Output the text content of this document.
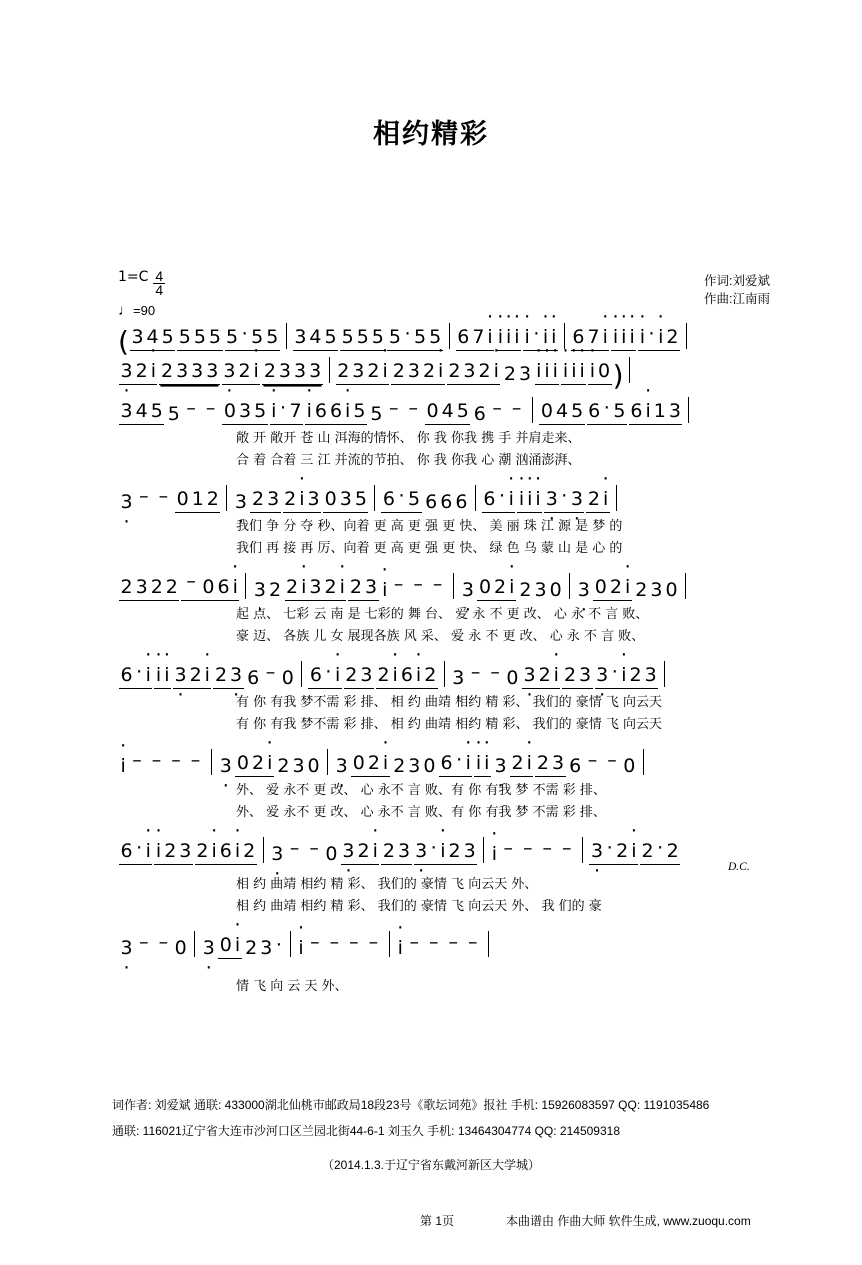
相约精彩
作词:刘爱斌
作曲:江南雨
$1=C \frac{4}{4}$
♩=90
( 3 4 5 5 5 5 5 · 5 5 3 4 5 5 5 5 5 · 5 5 6 7 · i · i · i · i · i · · i · i 6 7 · i · i · i · i · i · · i 2
3 · 2 · i 2 3 3 3 3 · 2 · i 2 3 3 3 2 3 2 · i 2 3 2 · i 2 3 2 · i 2 3 · i · i · i · i · i · i · i 0 )
3 4 5 5 – – 0 3 5 · i · 7 · i 6 6 · i 5 5 – – 0 4 5 6 – – 0 4 5 6 · 5 6 · i 1 3
敞 开 敞开 苍 山 洱海的情怀、 你 我 你我 携 手 并肩走来、
合 着 合着 三 江 并流的节拍、 你 我 你我 心 潮 汹涌澎湃、
3 · – – 0 1 2 3 · 2 3 2 · i 3 0 3 5 6 · 5 6 6 6 6 · · i · i · i · i 3 · · 3 · 2 · i
我们 争 分 夺 秒、向着 更 高 更 强 更 快、 美 丽 珠 江 源 是 梦 的
我们 再 接 再 厉、向着 更 高 更 强 更 快、 绿 色 乌 蒙 山 是 心 的
2 3 2 2 – 0 6 · i 3 · 2 2 · i 3 2 · i 2 3 · i – – – 3 · 0 2 · i 2 3 0 3 · 0 2 · i 2 3 0
起 点、 七彩 云 南 是 七彩的 舞 台、 爱 永 不 更 改、 心 永 不 言 败、
豪 迈、 各族 儿 女 展现各族 风 采、 爱 永 不 更 改、 心 永 不 言 败、
6 · · i · i · i 3 · 2 · i 2 3 · 6 – 0 6 · · i 2 3 2 · i 6 · i 2 3 · – – 0 3 · 2 · i 2 3 3 · · · i 2 3
有 你 有我 梦不需 彩 排、 相 约 曲靖 相约 精 彩、 我们的 豪情 飞 向云天
有 你 有我 梦不需 彩 排、 相 约 曲靖 相约 精 彩、 我们的 豪情 飞 向云天
· i – – – – 3 · 0 2 · i 2 3 0 3 · 0 2 · i 2 3 0 6 · · i · i · i 3 · 2 · i 2 3 6 – – 0
外、 爱 永不 更 改、 心 永不 言 败、有 你 有我 梦 不需 彩 排、
外、 爱 永不 更 改、 心 永不 言 败、有 你 有我 梦 不需 彩 排、
6 · · i · i 2 3 2 · i 6 · i 2 3 · – – 0 3 · 2 · i 2 3 3 · · · i 2 3 · i – – – – 3 · · 2 · i 2 · 2
D.C.
相 约 曲靖 相约 精 彩、 我们的 豪情 飞 向云天 外、
相 约 曲靖 相约 精 彩、 我们的 豪情 飞 向云天 外、 我 们的 豪
3 · – – 0 3 · 0 · i 2 3 · · i – – – – · i – – – –
情 飞 向 云 天 外、
词作者: 刘爱斌 通联: 433000湖北仙桃市邮政局18段23号《歌坛词苑》报社 手机: 15926083597 QQ: 1191035486
通联: 116021辽宁省大连市沙河口区兰园北街44-6-1 刘玉久 手机: 13464304774 QQ: 214509318
（2014.1.3.于辽宁省东戴河新区大学城）
第 1页	本曲谱由 作曲大师 软件生成, www.zuoqu.com
